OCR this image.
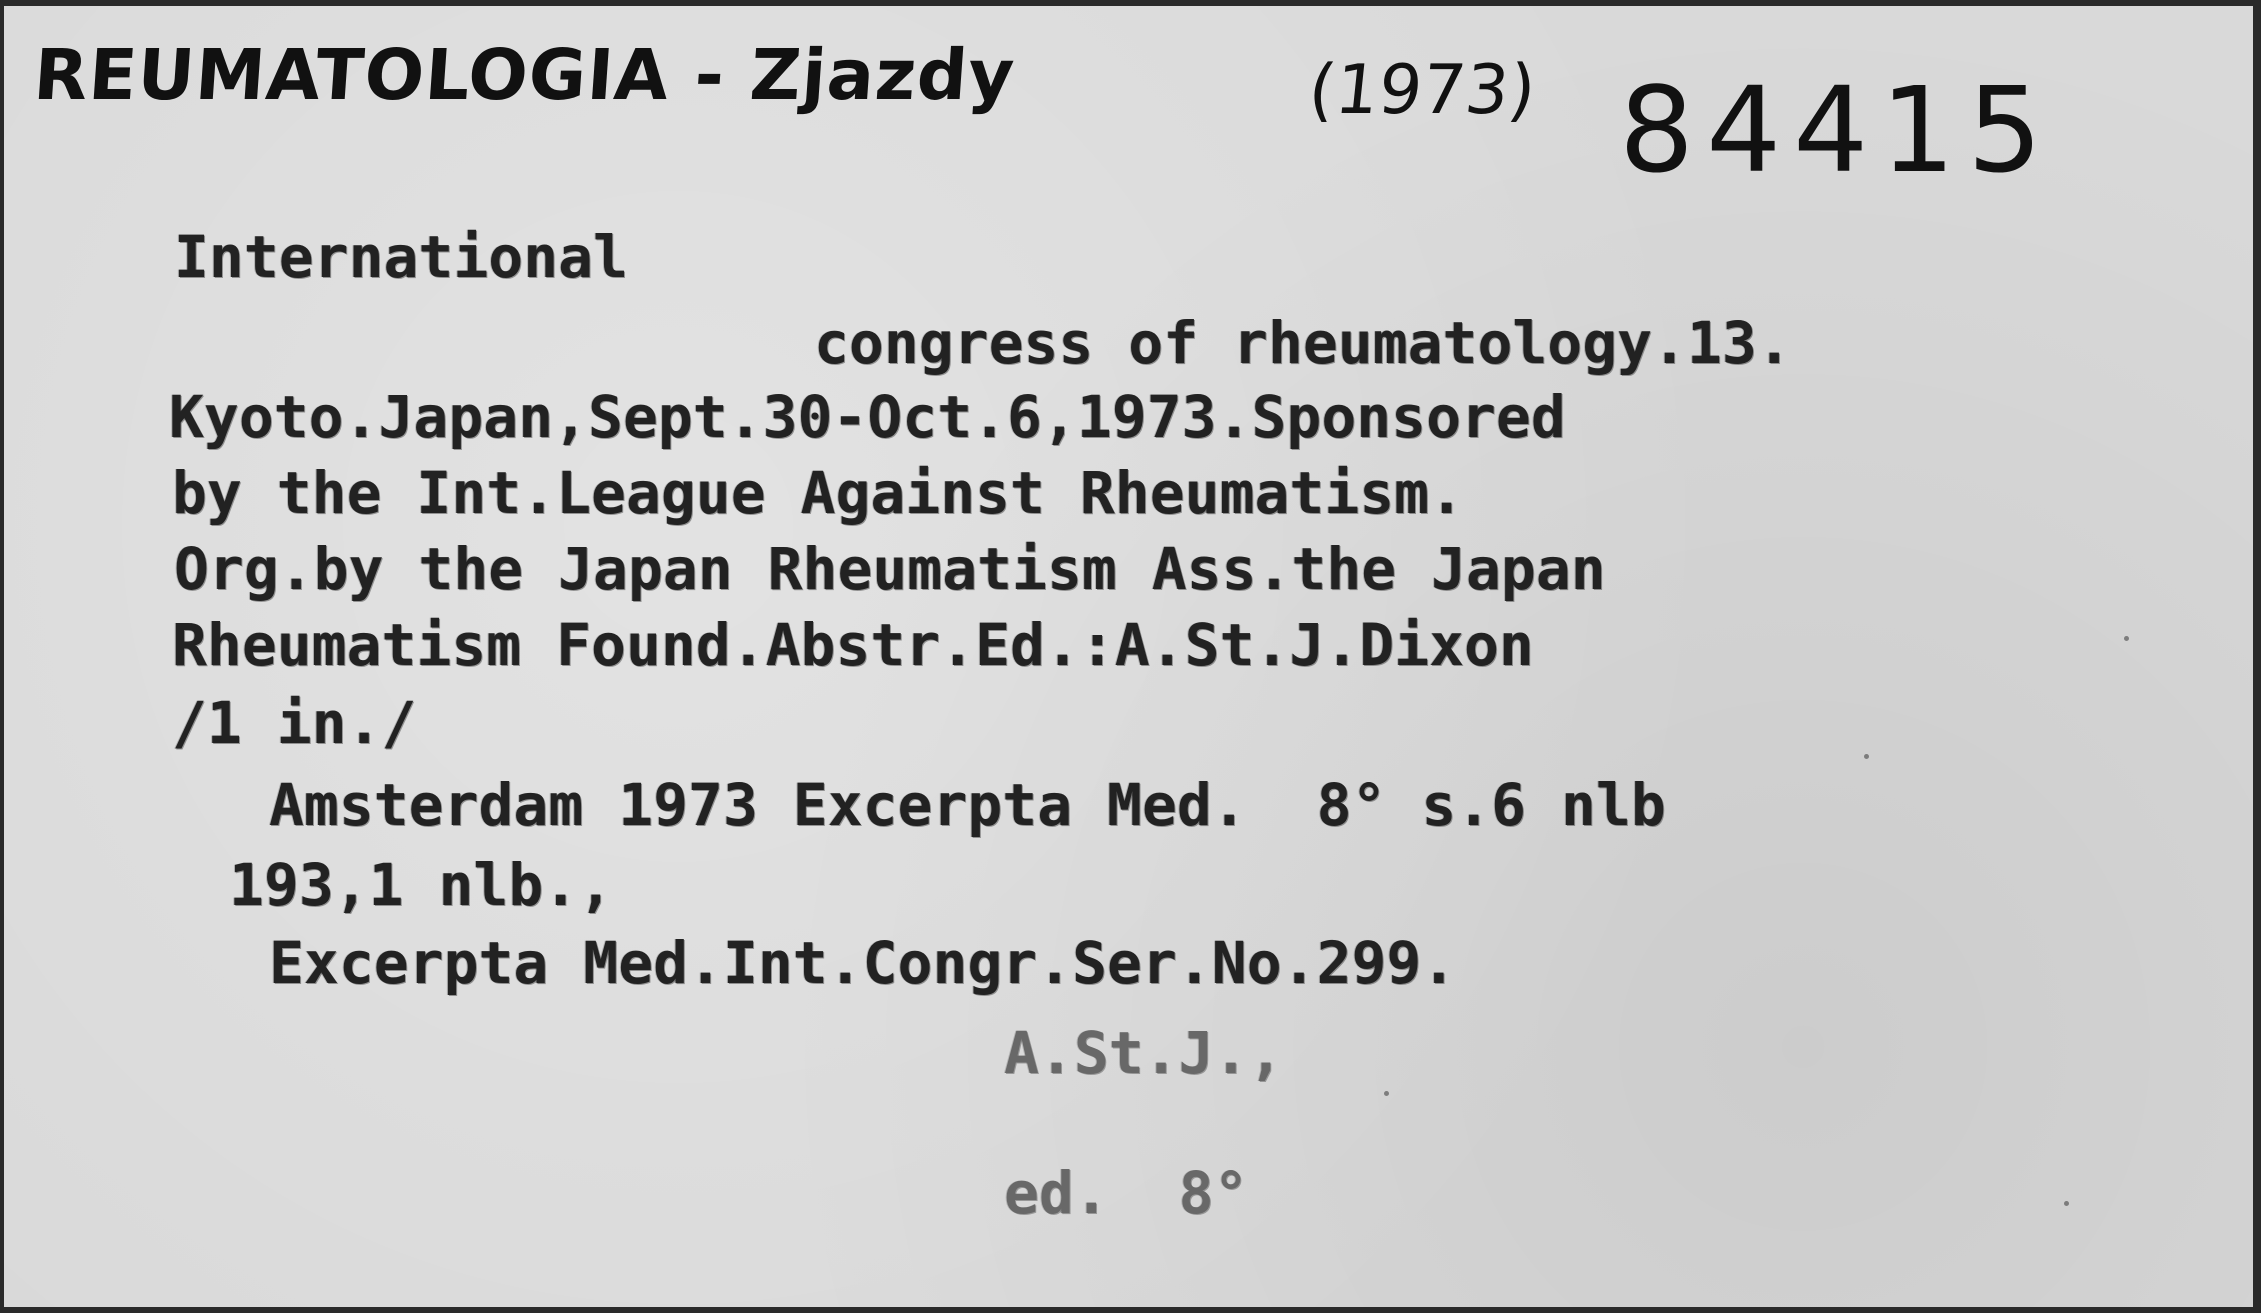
REUMATOLOGIA - Zjazdy	(1973) 84415
International
congress of rheumatology.13.
Kyoto.Japan,Sept.30-Oct.6,1973.Sponsored
by the Int.League Against Rheumatism.
Org.by the Japan Rheumatism Ass.the Japan
Rheumatism Found.Abstr.Ed.:A.St.J.Dixon
/1 in./
Amsterdam 1973 Excerpta Med.  8° s.6 nlb
193,1 nlb.,
Excerpta Med.Int.Congr.Ser.No.299.
A.St.J.,
ed.  8°
